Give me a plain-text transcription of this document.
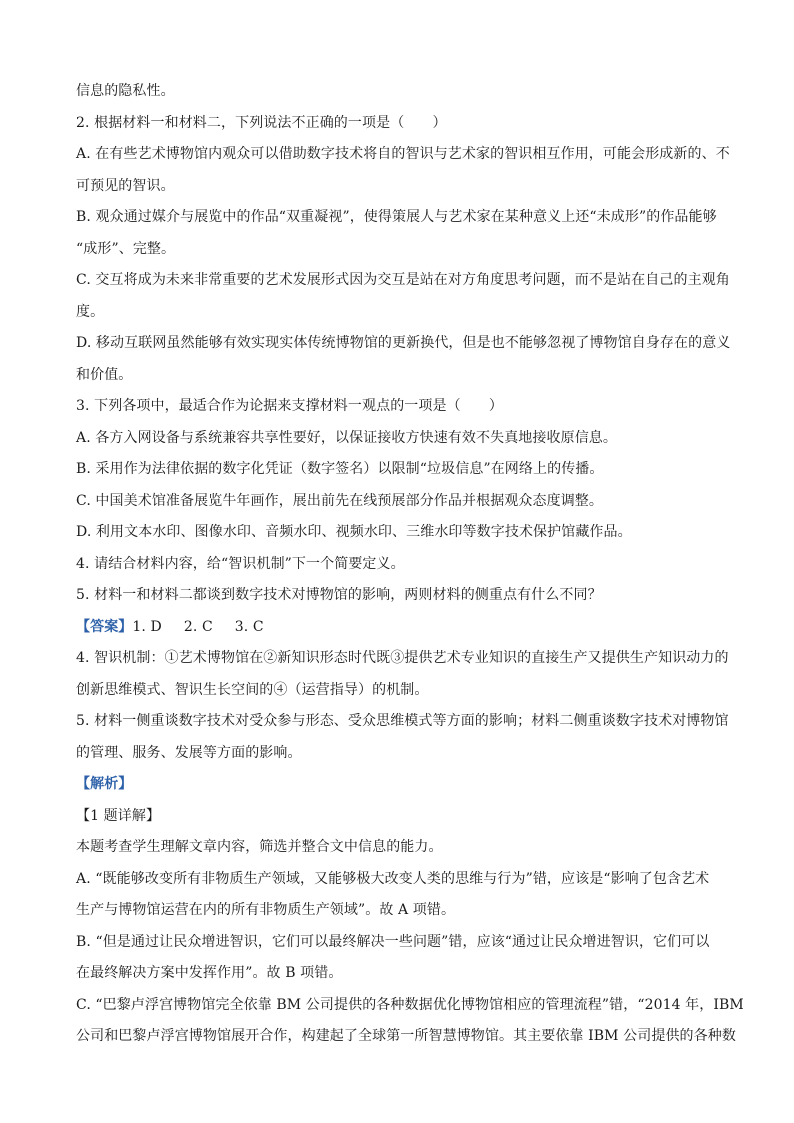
信息的隐私性。
2. 根据材料一和材料二，下列说法不正确的一项是（　　）
A. 在有些艺术博物馆内观众可以借助数字技术将自的智识与艺术家的智识相互作用，可能会形成新的、不
可预见的智识。
B. 观众通过媒介与展览中的作品“双重凝视”，使得策展人与艺术家在某种意义上还“未成形”的作品能够
“成形”、完整。
C. 交互将成为未来非常重要的艺术发展形式因为交互是站在对方角度思考问题，而不是站在自己的主观角
度。
D. 移动互联网虽然能够有效实现实体传统博物馆的更新换代，但是也不能够忽视了博物馆自身存在的意义
和价值。
3. 下列各项中，最适合作为论据来支撑材料一观点的一项是（　　）
A. 各方入网设备与系统兼容共享性要好，以保证接收方快速有效不失真地接收原信息。
B. 采用作为法律依据的数字化凭证（数字签名）以限制“垃圾信息”在网络上的传播。
C. 中国美术馆准备展览牛年画作，展出前先在线预展部分作品并根据观众态度调整。
D. 利用文本水印、图像水印、音频水印、视频水印、三维水印等数字技术保护馆藏作品。
4. 请结合材料内容，给“智识机制”下一个简要定义。
5. 材料一和材料二都谈到数字技术对博物馆的影响，两则材料的侧重点有什么不同？
【答案】1. D 2. C 3. C
4. 智识机制：①艺术博物馆在②新知识形态时代既③提供艺术专业知识的直接生产又提供生产知识动力的
创新思维模式、智识生长空间的④（运营指导）的机制。
5. 材料一侧重谈数字技术对受众参与形态、受众思维模式等方面的影响；材料二侧重谈数字技术对博物馆
的管理、服务、发展等方面的影响。
【解析】
【1 题详解】
本题考查学生理解文章内容，筛选并整合文中信息的能力。
A. “既能够改变所有非物质生产领域，又能够极大改变人类的思维与行为”错，应该是“影响了包含艺术
生产与博物馆运营在内的所有非物质生产领域”。故 A 项错。
B. “但是通过让民众增进智识，它们可以最终解决一些问题”错，应该“通过让民众增进智识，它们可以
在最终解决方案中发挥作用”。故 B 项错。
C. “巴黎卢浮宫博物馆完全依靠 BM 公司提供的各种数据优化博物馆相应的管理流程”错，“2014 年，IBM
公司和巴黎卢浮宫博物馆展开合作，构建起了全球第一所智慧博物馆。其主要依靠 IBM 公司提供的各种数
